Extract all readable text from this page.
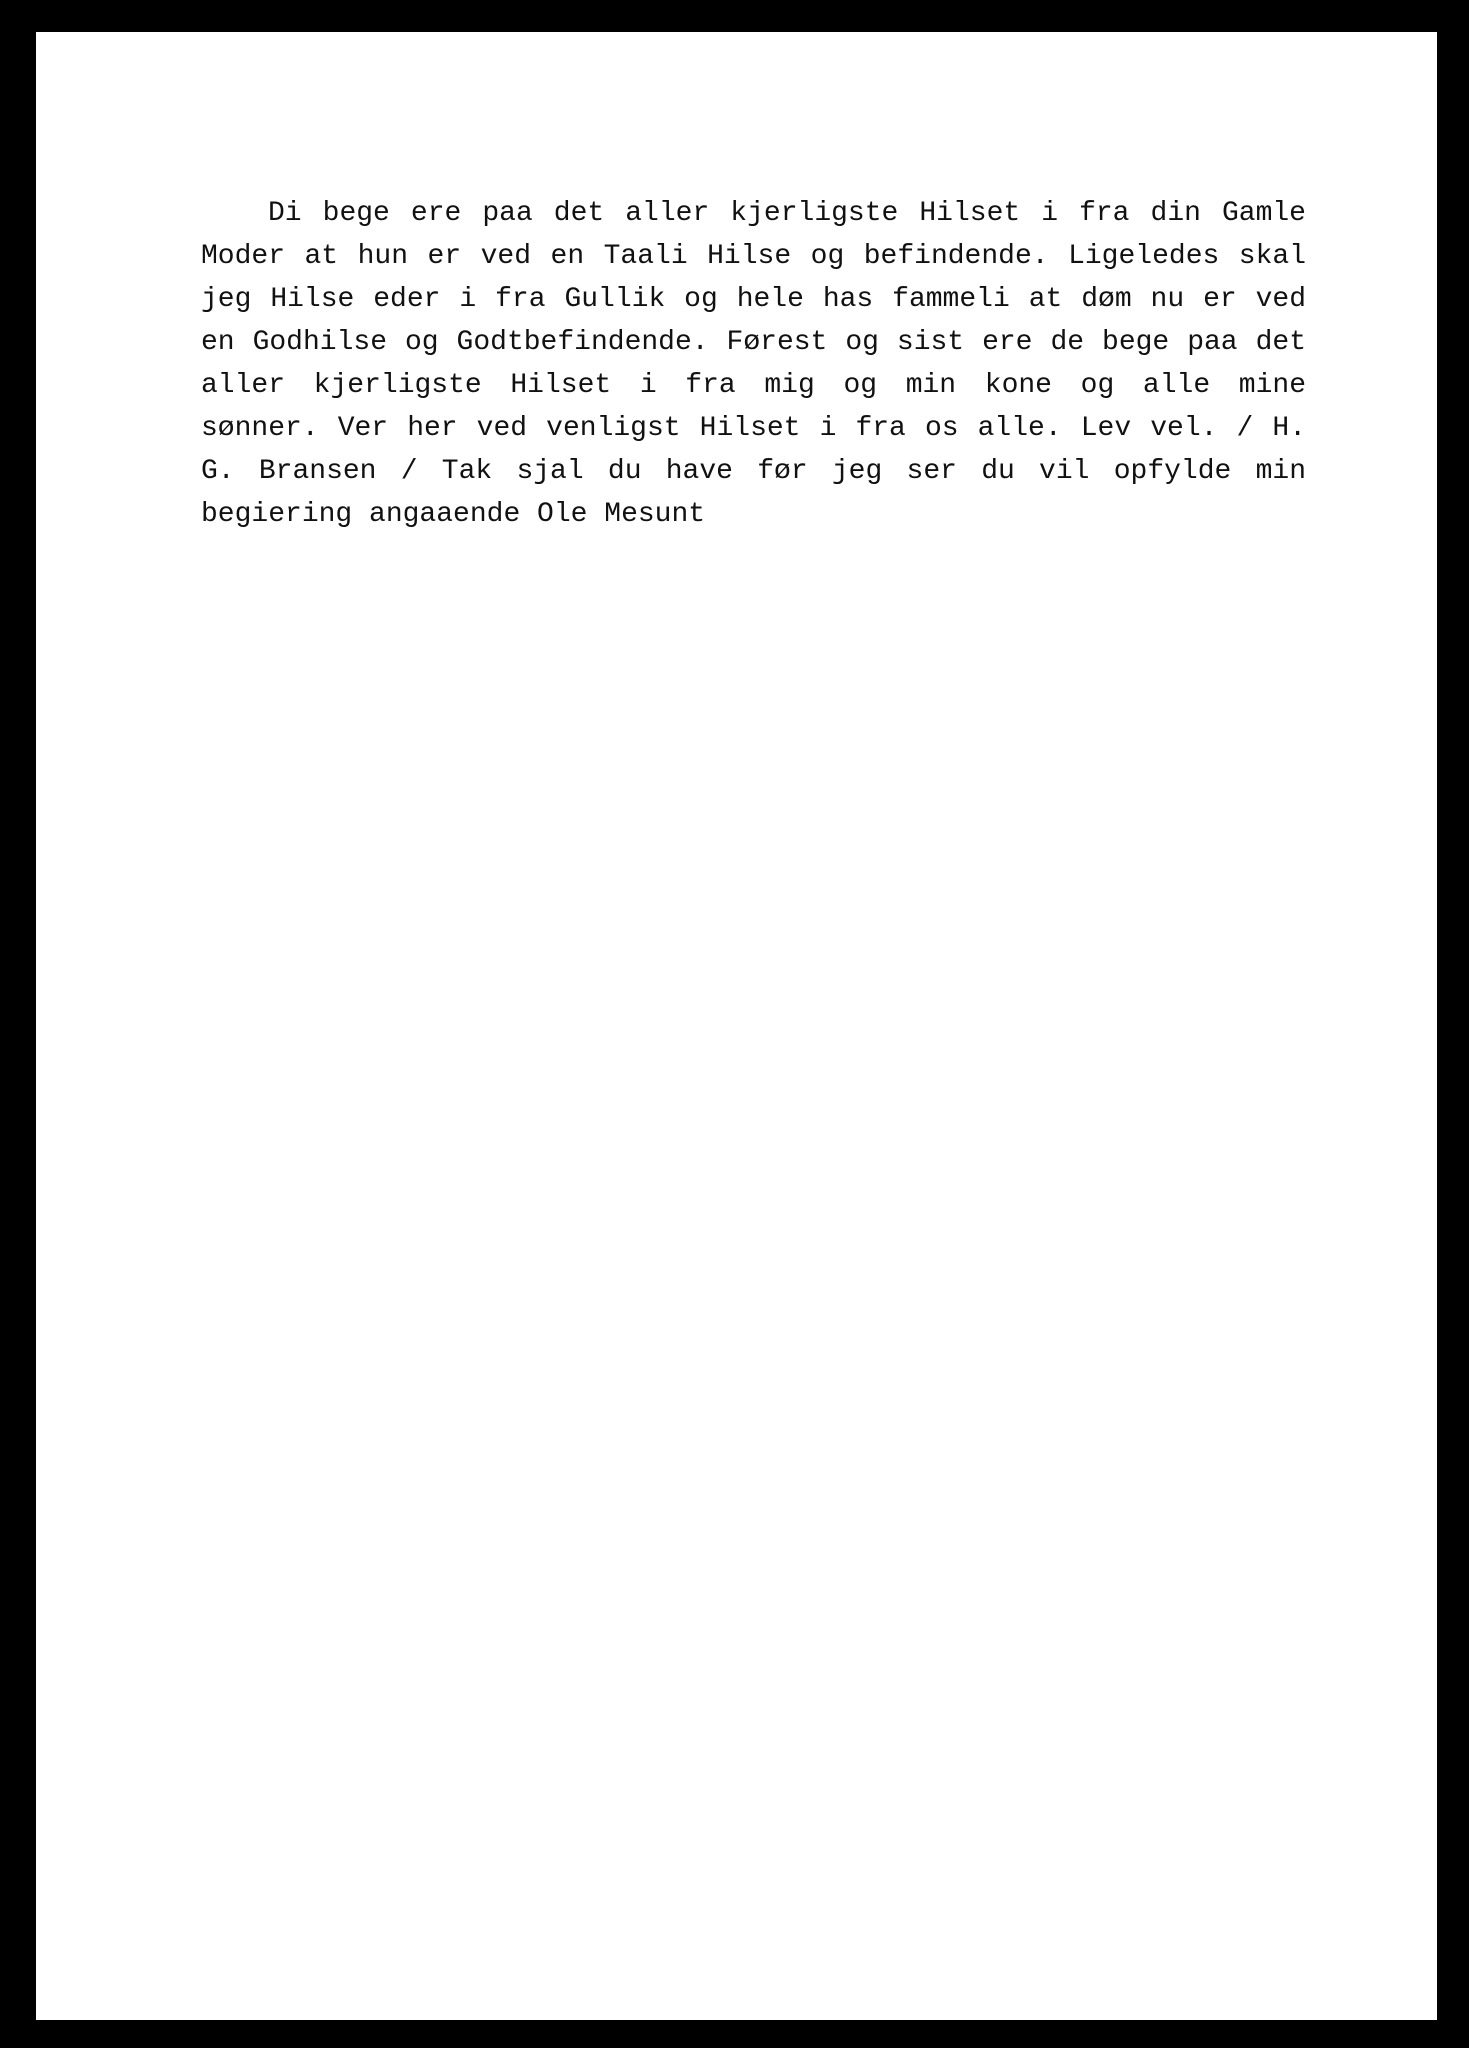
Di bege ere paa det aller kjerligste Hilset i fra din Gamle
Moder at hun er ved en Taali Hilse og befindende. Ligeledes skal
jeg Hilse eder i fra Gullik og hele has fammeli at døm nu er ved
en Godhilse og Godtbefindende. Førest og sist ere de bege paa det
aller kjerligste Hilset i fra mig og min kone og alle mine
sønner. Ver her ved venligst Hilset i fra os alle. Lev vel. / H.
G. Bransen / Tak sjal du have før jeg ser du vil opfylde min
begiering angaaende Ole Mesunt
